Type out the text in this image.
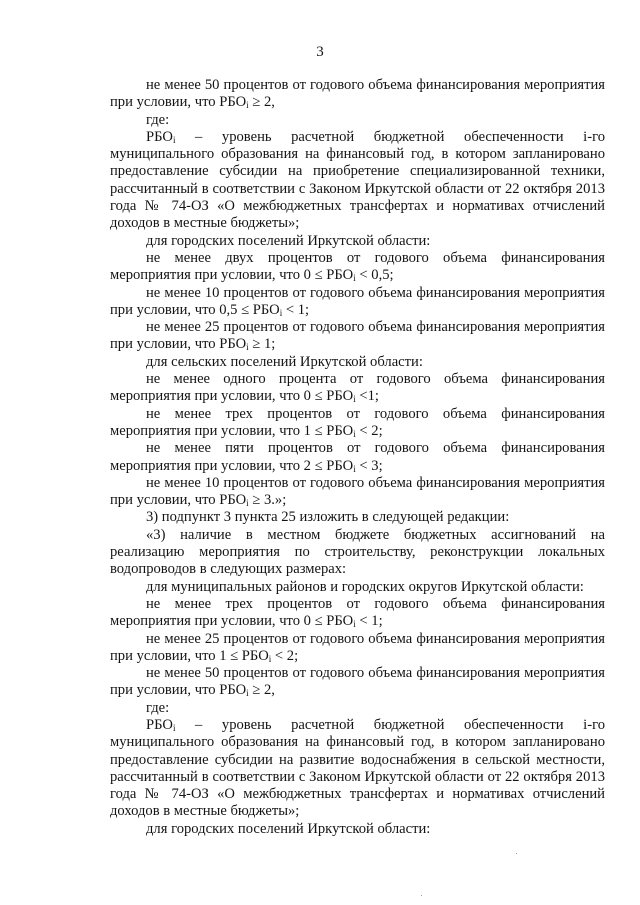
3

не менее 50 процентов от годового объема финансирования мероприятия при условии, что $РБО_i \ge 2$,

где:

$РБО_i$ – уровень расчетной бюджетной обеспеченности i-го муниципального образования на финансовый год, в котором запланировано предоставление субсидии на приобретение специализированной техники, рассчитанный в соответствии с Законом Иркутской области от 22 октября 2013 года № 74-ОЗ «О межбюджетных трансфертах и нормативах отчислений доходов в местные бюджеты»;

для городских поселений Иркутской области:

не менее двух процентов от годового объема финансирования мероприятия при условии, что $0 \le РБО_i < 0,5$;

не менее 10 процентов от годового объема финансирования мероприятия при условии, что $0,5 \le РБО_i < 1$;

не менее 25 процентов от годового объема финансирования мероприятия при условии, что $РБО_i \ge 1$;

для сельских поселений Иркутской области:

не менее одного процента от годового объема финансирования мероприятия при условии, что $0 \le РБО_i <1$;

не менее трех процентов от годового объема финансирования мероприятия при условии, что $1 \le РБО_i < 2$;

не менее пяти процентов от годового объема финансирования мероприятия при условии, что $2 \le РБО_i < 3$;

не менее 10 процентов от годового объема финансирования мероприятия при условии, что $РБО_i \ge 3$.»;

3) подпункт 3 пункта 25 изложить в следующей редакции:

«3) наличие в местном бюджете бюджетных ассигнований на реализацию мероприятия по строительству, реконструкции локальных водопроводов в следующих размерах:

для муниципальных районов и городских округов Иркутской области:

не менее трех процентов от годового объема финансирования мероприятия при условии, что $0 \le РБО_i < 1$;

не менее 25 процентов от годового объема финансирования мероприятия при условии, что $1 \le РБО_i < 2$;

не менее 50 процентов от годового объема финансирования мероприятия при условии, что $РБО_i \ge 2$,

где:

$РБО_i$ – уровень расчетной бюджетной обеспеченности i-го муниципального образования на финансовый год, в котором запланировано предоставление субсидии на развитие водоснабжения в сельской местности, рассчитанный в соответствии с Законом Иркутской области от 22 октября 2013 года № 74-ОЗ «О межбюджетных трансфертах и нормативах отчислений доходов в местные бюджеты»;

для городских поселений Иркутской области:
